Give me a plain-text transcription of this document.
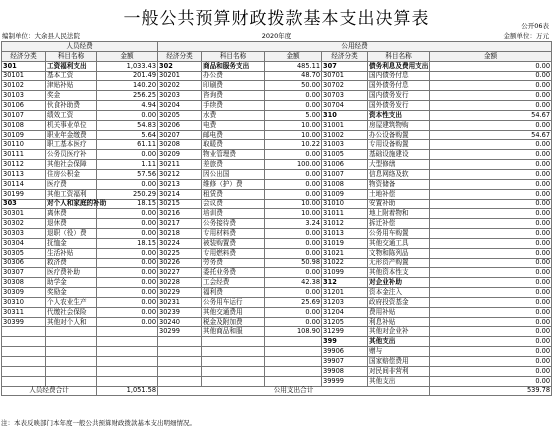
一般公共预算财政拨款基本支出决算表	公开06表
编制单位：大余县人民法院	2020年度	金额单位：万元
人员经费			公用经费					
经济分类	科目名称	金额	经济分类	科目名称	金额	经济分类	科目名称	金额
301	工资福利支出	1,033.43	302	商品和服务支出	485.11	307	债务利息及费用支出	0.00
30101	基本工资	201.49	30201	办公费	48.70	30701	国内债务付息	0.00
30102	津贴补贴	140.20	30202	印刷费	50.00	30702	国外债务付息	0.00
30103	奖金	256.25	30203	咨询费	0.00	30703	国内债务发行	0.00
30106	伙食补助费	4.94	30204	手续费	0.00	30704	国外债务发行	0.00
30107	绩效工资	0.00	30205	水费	5.00	310	资本性支出	54.67
30108	机关事业单位	54.83	30206	电费	10.00	31001	房屋建筑物购	0.00
30109	职业年金缴费	5.64	30207	邮电费	10.00	31002	办公设备购置	54.67
30110	职工基本医疗	61.11	30208	取暖费	10.22	31003	专用设备购置	0.00
30111	公务员医疗补	0.00	30209	物业管理费	0.00	31005	基础设施建设	0.00
30112	其他社会保障	1.11	30211	差旅费	100.00	31006	大型修缮	0.00
30113	住房公积金	57.56	30212	因公出国	0.00	31007	信息网络及软	0.00
30114	医疗费	0.00	30213	维修（护）费	0.00	31008	物资储备	0.00
30199	其他工资福利	250.29	30214	租赁费	0.00	31009	土地补偿	0.00
303	对个人和家庭的补助	18.15	30215	会议费	10.00	31010	安置补助	0.00
30301	离休费	0.00	30216	培训费	10.00	31011	地上附着物和	0.00
30302	退休费	0.00	30217	公务接待费	3.24	31012	拆迁补偿	0.00
30303	退职（役）费	0.00	30218	专用材料费	0.00	31013	公务用车购置	0.00
30304	抚恤金	18.15	30224	被装购置费	0.00	31019	其他交通工具	0.00
30305	生活补贴	0.00	30225	专用燃料费	0.00	31021	文物和陈列品	0.00
30306	救济费	0.00	30226	劳务费	50.98	31022	无形资产购置	0.00
30307	医疗费补助	0.00	30227	委托业务费	0.00	31099	其他资本性支	0.00
30308	助学金	0.00	30228	工会经费	42.38	312	对企业补助	0.00
30309	奖励金	0.00	30229	福利费	0.00	31201	资本金注入	0.00
30310	个人农业生产	0.00	30231	公务用车运行	25.69	31203	政府投资基金	0.00
30311	代缴社会保险	0.00	30239	其他交通费用	0.00	31204	费用补贴	0.00
30399	其他对个人和	0.00	30240	税金及附加费	0.00	31205	利息补贴	0.00
			30299	其他商品和服	108.90	31299	其他对企业补	0.00
						399	其他支出	0.00
						39906	赠与	0.00
						39907	国家赔偿费用	0.00
						39908	对民间非营利	0.00
						39999	其他支出	0.00
人员经费合计		1,051.58	公用支出合计					539.78
注：本表反映部门本年度一般公共预算财政拨款基本支出明细情况。
